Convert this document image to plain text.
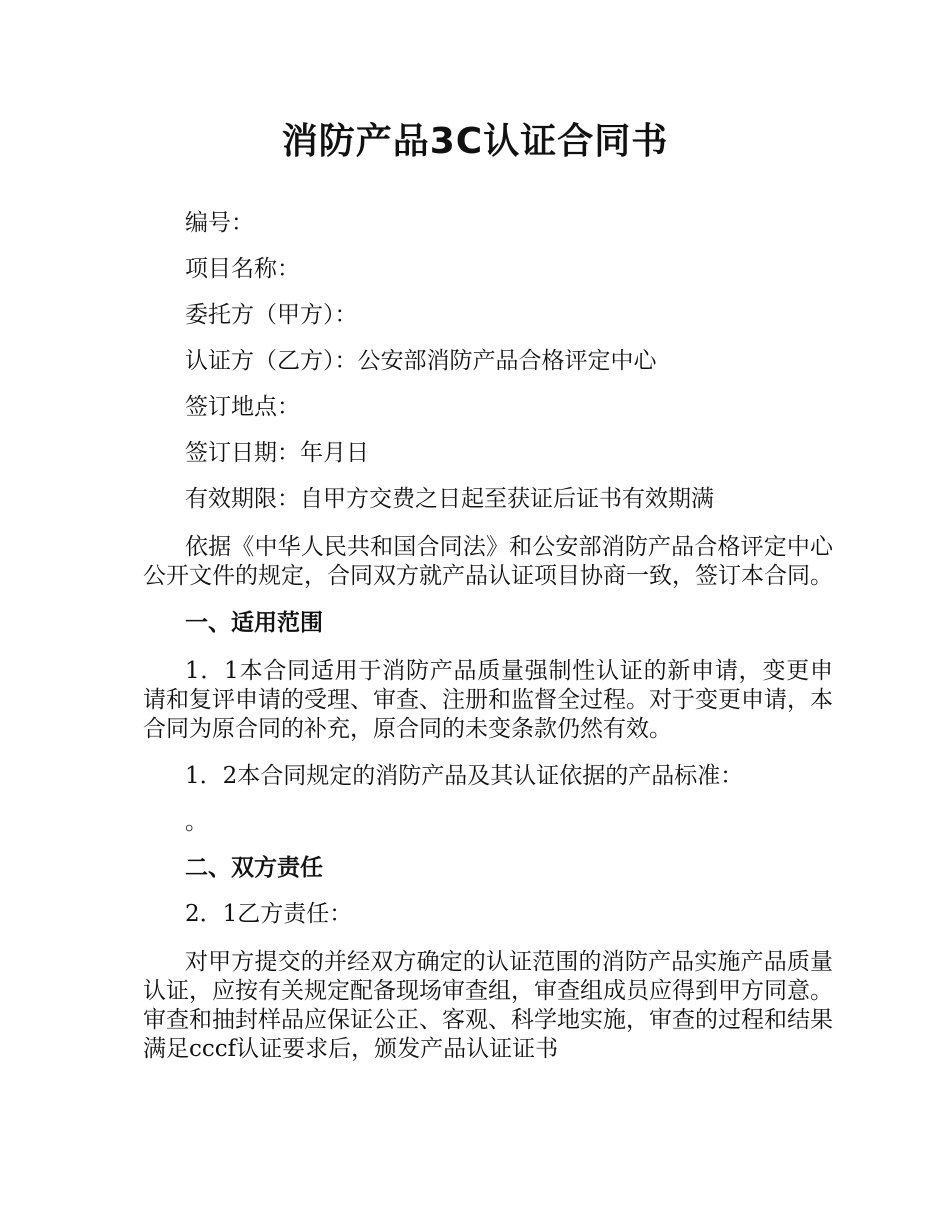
消防产品3C认证合同书

编号：

项目名称：

委托方（甲方）：

认证方（乙方）：公安部消防产品合格评定中心

签订地点：

签订日期：年月日

有效期限：自甲方交费之日起至获证后证书有效期满

依据《中华人民共和国合同法》和公安部消防产品合格评定中心公开文件的规定，合同双方就产品认证项目协商一致，签订本合同。

一、适用范围

1．1本合同适用于消防产品质量强制性认证的新申请，变更申请和复评申请的受理、审查、注册和监督全过程。对于变更申请，本合同为原合同的补充，原合同的未变条款仍然有效。

1．2本合同规定的消防产品及其认证依据的产品标准：

。

二、双方责任

2．1乙方责任：

对甲方提交的并经双方确定的认证范围的消防产品实施产品质量认证，应按有关规定配备现场审查组，审查组成员应得到甲方同意。审查和抽封样品应保证公正、客观、科学地实施，审查的过程和结果满足cccf认证要求后，颁发产品认证证书
